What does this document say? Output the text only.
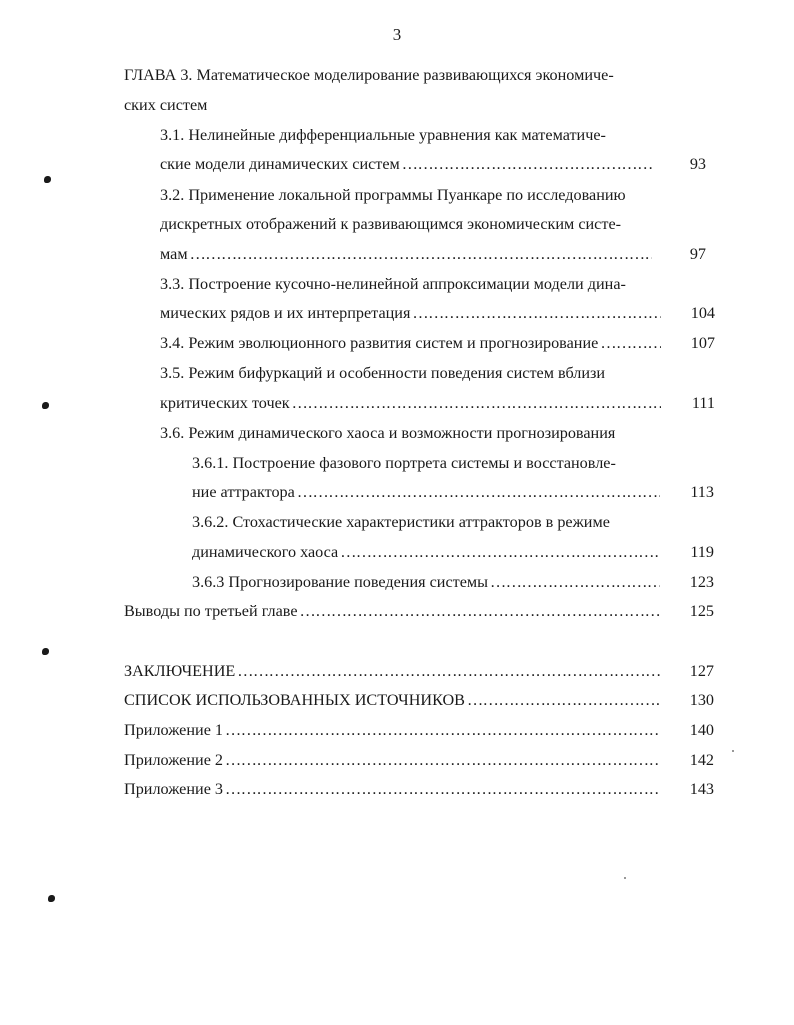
3
ГЛАВА 3. Математическое моделирование развивающихся экономиче-
ских систем
3.1. Нелинейные дифференциальные уравнения как математиче-
ские модели динамических систем ……………………………………………………………………………………………………………………………………………………………………………………………………………………	93
3.2. Применение локальной программы Пуанкаре по исследованию
дискретных отображений к развивающимся экономическим систе-
мам ……………………………………………………………………………………………………………………………………………………………………………………………………………………	97
3.3. Построение кусочно-нелинейной аппроксимации модели дина-
мических рядов и их интерпретация ……………………………………………………………………………………………………………………………………………………………………………………………………………………	104
3.4. Режим эволюционного развития систем и прогнозирование ……………………………………………………………………………………………………………………………………………………………………………………………………………………	107
3.5. Режим бифуркаций и особенности поведения систем вблизи
критических точек ……………………………………………………………………………………………………………………………………………………………………………………………………………………	111
3.6. Режим динамического хаоса и возможности прогнозирования
3.6.1. Построение фазового портрета системы и восстановле-
ние аттрактора ……………………………………………………………………………………………………………………………………………………………………………………………………………………	113
3.6.2. Стохастические характеристики аттракторов в режиме
динамического хаоса ……………………………………………………………………………………………………………………………………………………………………………………………………………………	119
3.6.3 Прогнозирование поведения системы ……………………………………………………………………………………………………………………………………………………………………………………………………………………	123
Выводы по третьей главе ……………………………………………………………………………………………………………………………………………………………………………………………………………………	125
ЗАКЛЮЧЕНИЕ ……………………………………………………………………………………………………………………………………………………………………………………………………………………	127
СПИСОК ИСПОЛЬЗОВАННЫХ ИСТОЧНИКОВ ……………………………………………………………………………………………………………………………………………………………………………………………………………………	130
Приложение 1 ……………………………………………………………………………………………………………………………………………………………………………………………………………………	140
Приложение 2 ……………………………………………………………………………………………………………………………………………………………………………………………………………………	142
Приложение 3 ……………………………………………………………………………………………………………………………………………………………………………………………………………………	143
